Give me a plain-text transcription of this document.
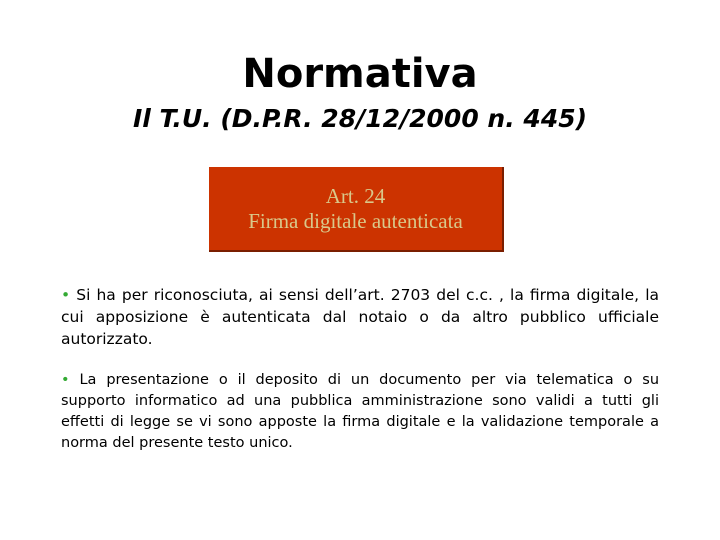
Normativa
Il T.U. (D.P.R. 28/12/2000 n. 445)
Art. 24
Firma digitale autenticata

• Si ha per riconosciuta, ai sensi dell’art. 2703 del c.c. , la firma digitale, la cui apposizione è autenticata dal notaio o da altro pubblico ufficiale autorizzato.

• La presentazione o il deposito di un documento per via telematica o su supporto informatico ad una pubblica amministrazione sono validi a tutti gli effetti di legge se vi sono apposte la firma digitale e la validazione temporale a norma del presente testo unico.
